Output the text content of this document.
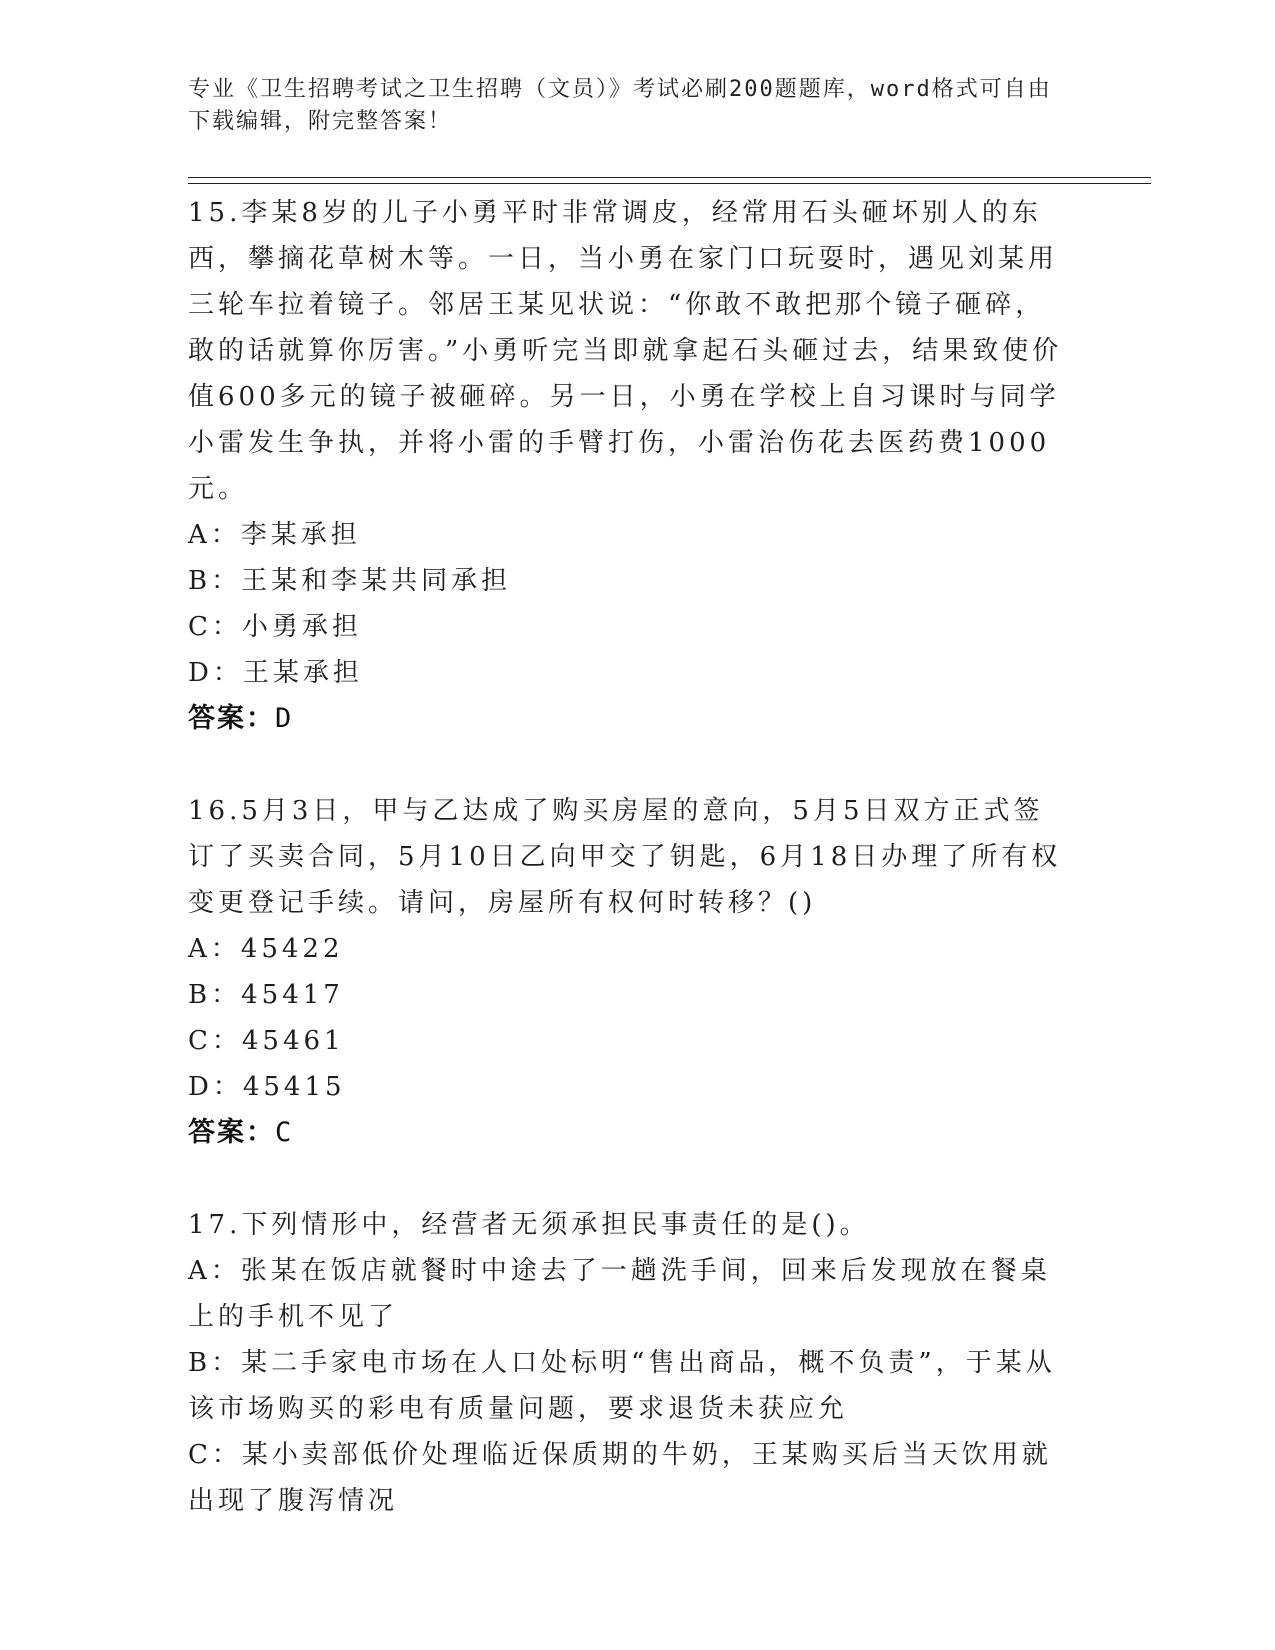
专业《卫生招聘考试之卫生招聘（文员）》考试必刷200题题库，word格式可自由下载编辑，附完整答案！
15.李某8岁的儿子小勇平时非常调皮，经常用石头砸坏别人的东西，攀摘花草树木等。一日，当小勇在家门口玩耍时，遇见刘某用三轮车拉着镜子。邻居王某见状说：“你敢不敢把那个镜子砸碎，敢的话就算你厉害。”小勇听完当即就拿起石头砸过去，结果致使价值600多元的镜子被砸碎。另一日，小勇在学校上自习课时与同学小雷发生争执，并将小雷的手臂打伤，小雷治伤花去医药费1000元。
A：李某承担
B：王某和李某共同承担
C：小勇承担
D：王某承担
答案：D
16.5月3日，甲与乙达成了购买房屋的意向，5月5日双方正式签订了买卖合同，5月10日乙向甲交了钥匙，6月18日办理了所有权变更登记手续。请问，房屋所有权何时转移？()
A：45422
B：45417
C：45461
D：45415
答案：C
17.下列情形中，经营者无须承担民事责任的是()。
A：张某在饭店就餐时中途去了一趟洗手间，回来后发现放在餐桌上的手机不见了
B：某二手家电市场在人口处标明“售出商品，概不负责”，于某从该市场购买的彩电有质量问题，要求退货未获应允
C：某小卖部低价处理临近保质期的牛奶，王某购买后当天饮用就出现了腹泻情况
